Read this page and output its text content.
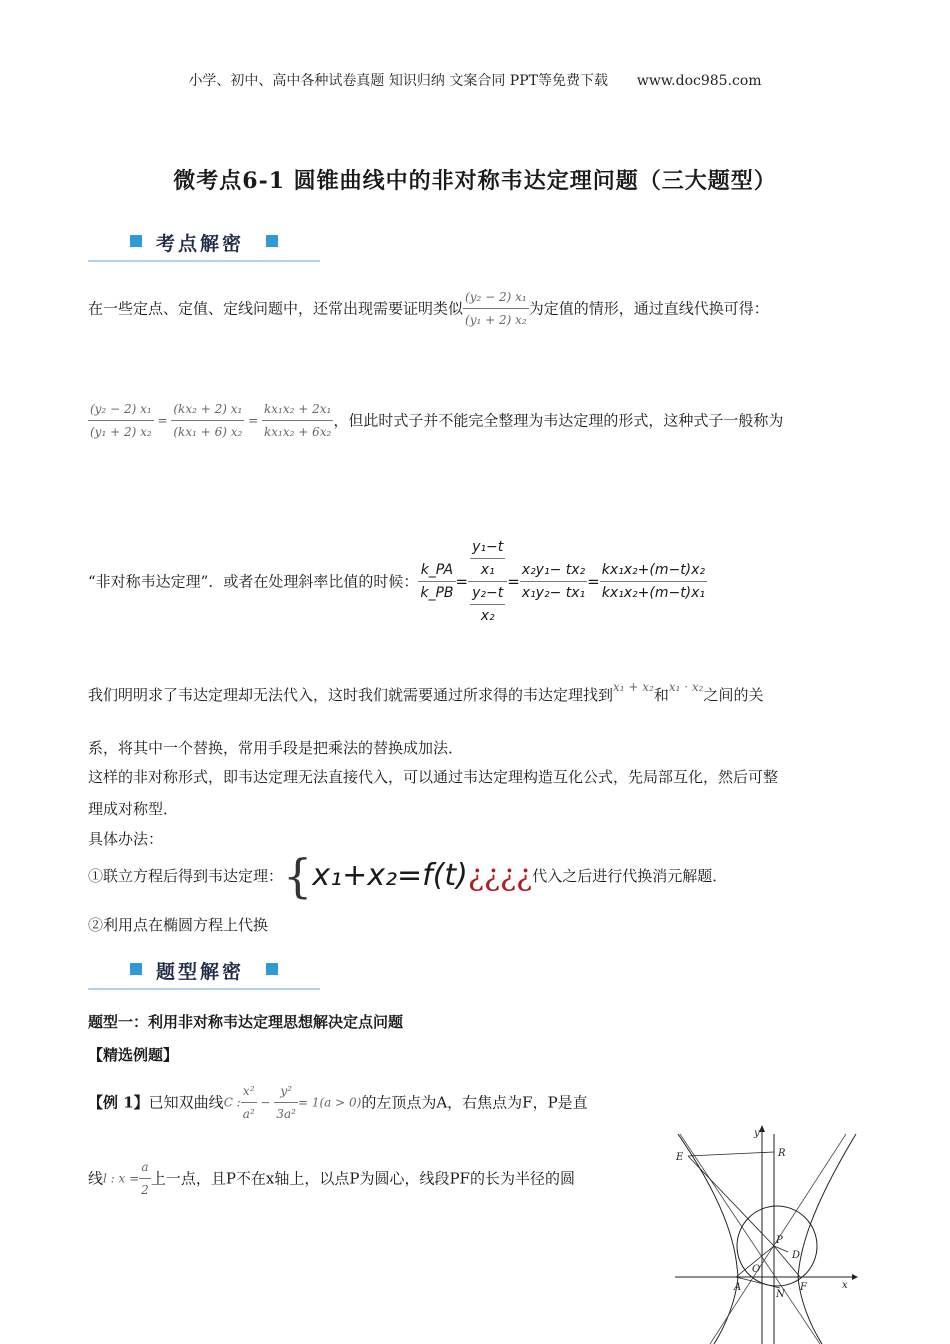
小学、初中、高中各种试卷真题 知识归纳 文案合同 PPT等免费下载 www.doc985.com
微考点6-1 圆锥曲线中的非对称韦达定理问题（三大题型）
考点解密
在一些定点、定值、定线问题中，还常出现需要证明类似 $\frac{\text{(y₂ − 2) x₁}}{\text{(y₁ + 2) x₂}}$ 为定值的情形，通过直线代换可得：
$\frac{\text{(y₂ − 2) x₁}}{\text{(y₁ + 2) x₂}} = \frac{\text{(kx₂ + 2) x₁}}{\text{(kx₁ + 6) x₂}} = \frac{\text{kx₁x₂ + 2x₁}}{\text{kx₁x₂ + 6x₂}}$ ，但此时式子并不能完全整理为韦达定理的形式，这种式子一般称为
“非对称韦达定理”．或者在处理斜率比值的时候： $\frac{k\_PA}{k\_PB} = \frac{\frac{\text{y₁−t}}{\text{x₁}}}{\frac{\text{y₂−t}}{\text{x₂}}} = \frac{\text{x₂y₁− tx₂}}{\text{x₁y₂− tx₁}} = \frac{\text{kx₁x₂+(m−t)x₂}}{\text{kx₁x₂+(m−t)x₁}}$
我们明明求了韦达定理却无法代入，这时我们就需要通过所求得的韦达定理找到$^{x_1 + x_2}$和$^{x_1 \cdot x_2}$之间的关
系，将其中一个替换，常用手段是把乘法的替换成加法．
这样的非对称形式，即韦达定理无法直接代入，可以通过韦达定理构造互化公式，先局部互化，然后可整
理成对称型．
具体办法：
①联立方程后得到韦达定理：{x₁+x₂=f(t)¿¿¿¿代入之后进行代换消元解题．
②利用点在椭圆方程上代换
题型解密
题型一：利用非对称韦达定理思想解决定点问题
【精选例题】
【例 1】已知双曲线C : $\frac{\text{x²}}{\text{a²}} - \frac{\text{y²}}{\text{3a²}} = 1(a > 0)$的左顶点为A，右焦点为F，P是直
线l : $x = \frac{a}{2}$ 上一点，且P不在x轴上，以点P为圆心，线段PF的长为半径的圆
E	R
y
P
D
A
O
F
N
x
